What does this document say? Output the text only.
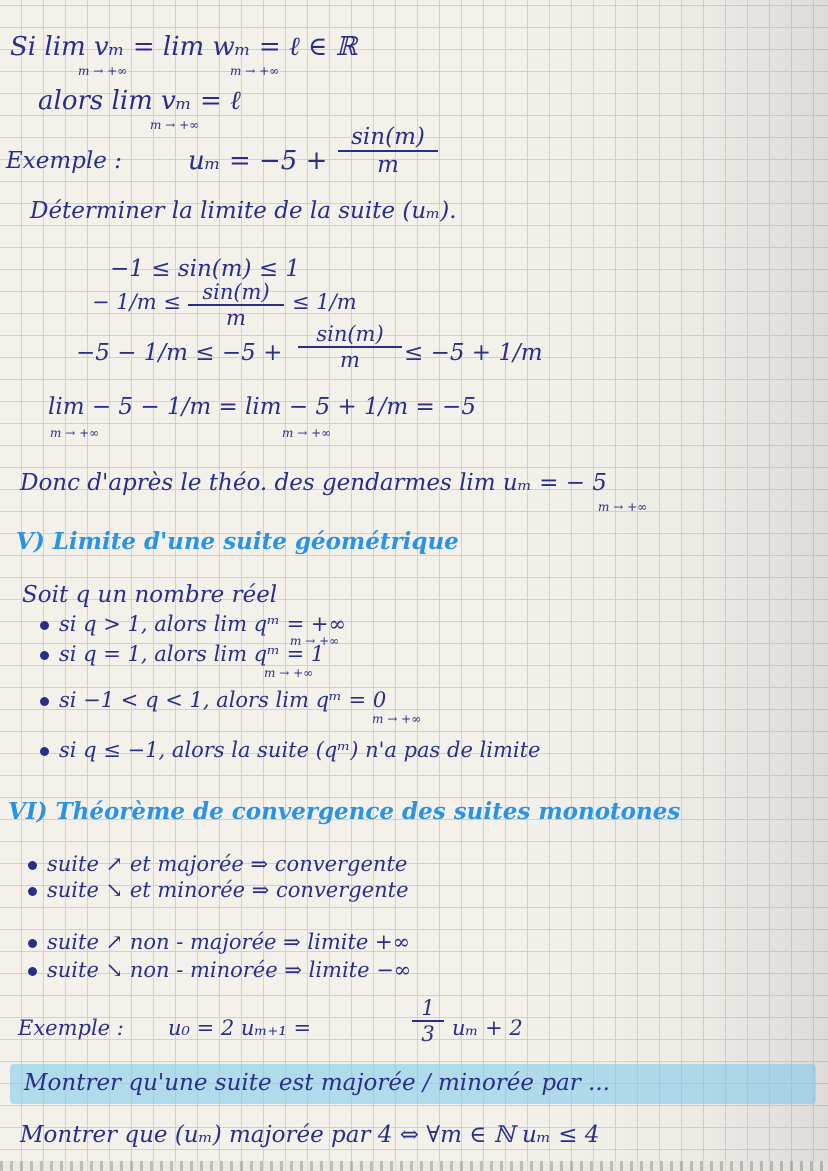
Si lim vₘ = lim wₘ = ℓ ∈ ℝ
m → +∞	m → +∞
alors lim vₘ = ℓ
m → +∞
Exemple :	$u_m = -5 + \frac{\sin(m)}{m}$
Déterminer la limite de la suite (uₘ).
−1 ≤ sin(m) ≤ 1
− $1/m \le \frac{\sin(m)}{m} \le 1/m$
$-5 - 1/m \le -5 + \frac{\sin(m)}{m} \le -5 + 1/m$
lim − 5 − 1/m = lim − 5 + 1/m = −5
m → +∞	m → +∞
Donc d'après le théo. des gendarmes lim uₘ = − 5
m → +∞
V) Limite d'une suite géométrique
Soit q un nombre réel
si q > 1, alors lim qᵐ = +∞
m → +∞
si q = 1, alors lim qᵐ = 1
m → +∞
si −1 < q < 1, alors lim qᵐ = 0
m → +∞
si q ≤ −1, alors la suite (qᵐ) n'a pas de limite
VI) Théorème de convergence des suites monotones
suite ↗ et majorée ⇒ convergente
suite ↘ et minorée ⇒ convergente
suite ↗ non - majorée ⇒ limite +∞
suite ↘ non - minorée ⇒ limite −∞
Exemple : u₀ = 2 uₘ₊₁ =	$\frac{1}{3}$ uₘ + 2
Montrer qu'une suite est majorée / minorée par ...
Montrer que (uₘ) majorée par 4 ⇔ ∀m ∈ ℕ uₘ ≤ 4
